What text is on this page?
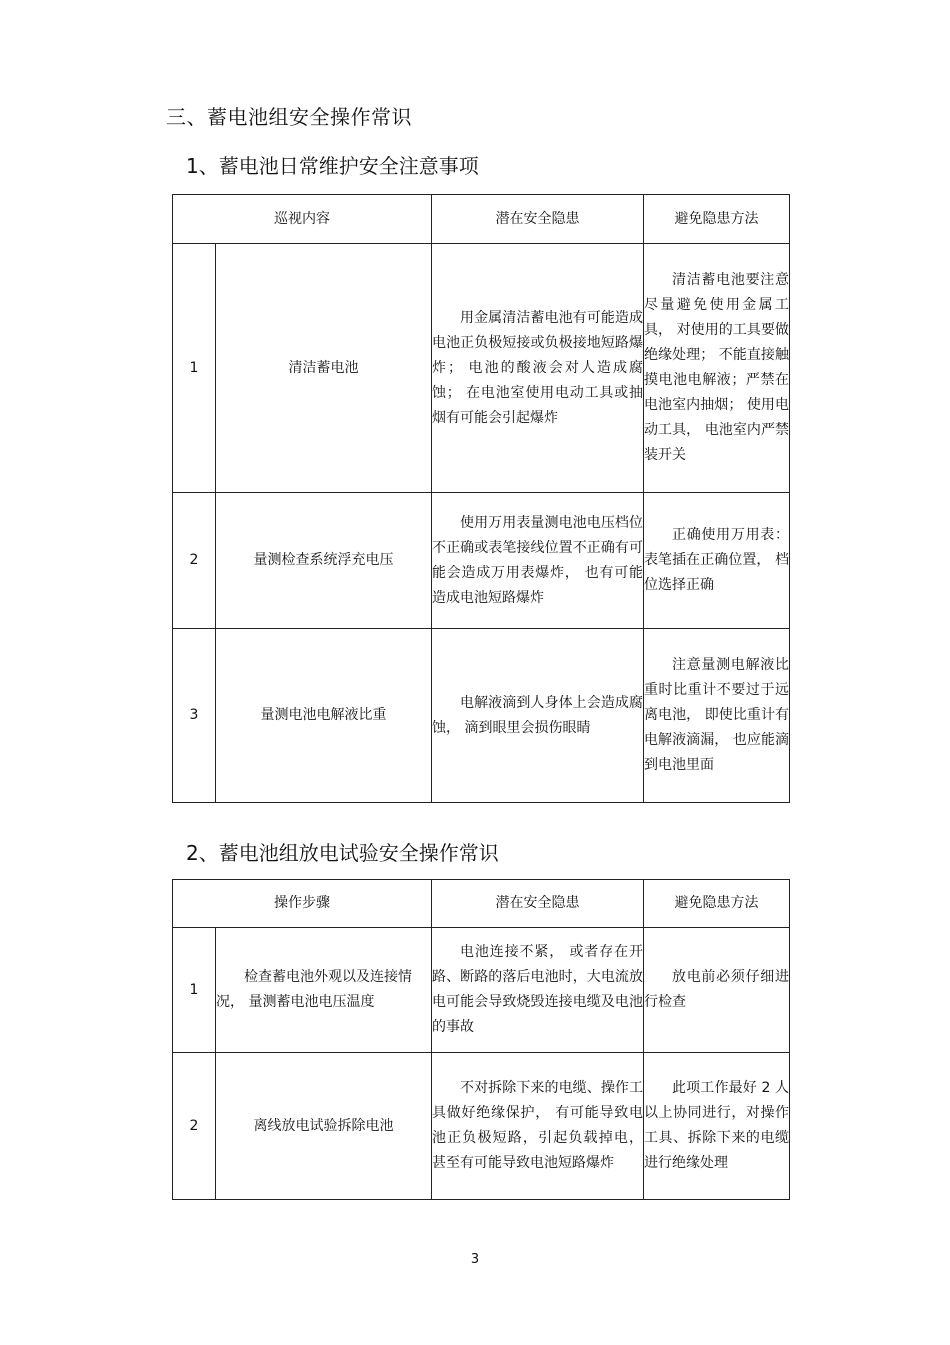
三、蓄电池组安全操作常识
1、蓄电池日常维护安全注意事项
巡视内容		潜在安全隐患	避免隐患方法
1	清洁蓄电池	用金属清洁蓄电池有可能造成电池正负极短接或负极接地短路爆炸； 电池的酸液会对人造成腐蚀； 在电池室使用电动工具或抽烟有可能会引起爆炸	清洁蓄电池要注意尽量避免使用金属工具， 对使用的工具要做绝缘处理； 不能直接触摸电池电解液；严禁在电池室内抽烟； 使用电动工具， 电池室内严禁装开关

2	量测检查系统浮充电压	使用万用表量测电池电压档位不正确或表笔接线位置不正确有可能会造成万用表爆炸， 也有可能造成电池短路爆炸	正确使用万用表：表笔插在正确位置， 档位选择正确

3	量测电池电解液比重	电解液滴到人身体上会造成腐蚀， 滴到眼里会损伤眼睛	注意量测电解液比重时比重计不要过于远离电池， 即使比重计有电解液滴漏， 也应能滴到电池里面
2、蓄电池组放电试验安全操作常识
操作步骤		潜在安全隐患	避免隐患方法
1	检查蓄电池外观以及连接情况， 量测蓄电池电压温度	电池连接不紧， 或者存在开路、断路的落后电池时，大电流放电可能会导致烧毁连接电缆及电池的事故	放电前必须仔细进行检查

2	离线放电试验拆除电池	不对拆除下来的电缆、操作工具做好绝缘保护， 有可能导致电池正负极短路，引起负载掉电， 甚至有可能导致电池短路爆炸	此项工作最好 2 人以上协同进行，对操作工具、拆除下来的电缆进行绝缘处理
3
